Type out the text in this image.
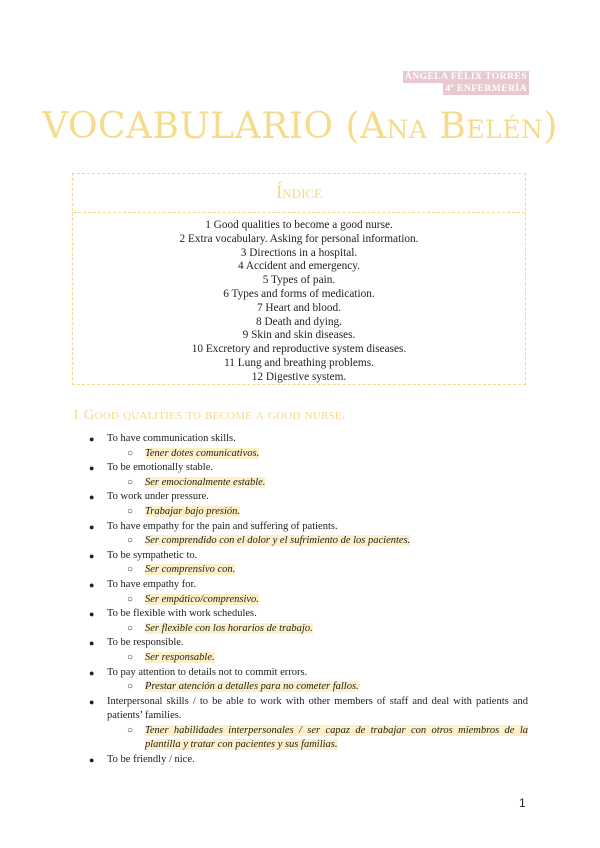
ÁNGELA FÉLIX TORRES
4º ENFERMERÍA
VOCABULARIO (Ana Belén)
Índice
1 Good qualities to become a good nurse.
2 Extra vocabulary. Asking for personal information.
3 Directions in a hospital.
4 Accident and emergency.
5 Types of pain.
6 Types and forms of medication.
7 Heart and blood.
8 Death and dying.
9 Skin and skin diseases.
10 Excretory and reproductive system diseases.
11 Lung and breathing problems.
12 Digestive system.
1 Good qualities to become a good nurse.
●	To have communication skills.
○	Tener dotes comunicativos.
●	To be emotionally stable.
○	Ser emocionalmente estable.
●	To work under pressure.
○	Trabajar bajo presión.
●	To have empathy for the pain and suffering of patients.
○	Ser comprendido con el dolor y el sufrimiento de los pacientes.
●	To be sympathetic to.
○	Ser comprensivo con.
●	To have empathy for.
○	Ser empático/comprensivo.
●	To be flexible with work schedules.
○	Ser flexible con los horarios de trabajo.
●	To be responsible.
○	Ser responsable.
●	To pay attention to details not to commit errors.
○	Prestar atención a detalles para no cometer fallos.
●	Interpersonal skills / to be able to work with other members of staff and deal with patients and patients’ families.
○	Tener habilidades interpersonales / ser capaz de trabajar con otros miembros de la plantilla y tratar con pacientes y sus familias.
●	To be friendly / nice.
1
